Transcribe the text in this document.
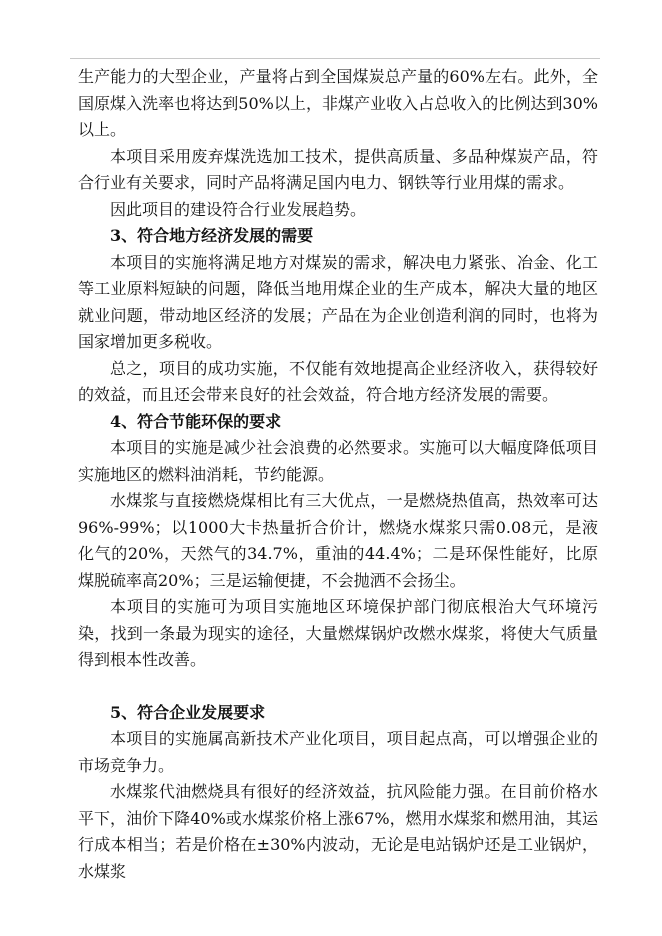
生产能力的大型企业，产量将占到全国煤炭总产量的60%左右。此外，全国原煤入洗率也将达到50%以上，非煤产业收入占总收入的比例达到30%以上。

本项目采用废弃煤洗选加工技术，提供高质量、多品种煤炭产品，符合行业有关要求，同时产品将满足国内电力、钢铁等行业用煤的需求。

因此项目的建设符合行业发展趋势。

3、符合地方经济发展的需要

本项目的实施将满足地方对煤炭的需求，解决电力紧张、冶金、化工等工业原料短缺的问题，降低当地用煤企业的生产成本，解决大量的地区就业问题，带动地区经济的发展；产品在为企业创造利润的同时，也将为国家增加更多税收。

总之，项目的成功实施，不仅能有效地提高企业经济收入，获得较好的效益，而且还会带来良好的社会效益，符合地方经济发展的需要。

4、符合节能环保的要求

本项目的实施是减少社会浪费的必然要求。实施可以大幅度降低项目实施地区的燃料油消耗，节约能源。

水煤浆与直接燃烧煤相比有三大优点，一是燃烧热值高，热效率可达96%-99%；以1000大卡热量折合价计，燃烧水煤浆只需0.08元，是液化气的20%，天然气的34.7%，重油的44.4%；二是环保性能好，比原煤脱硫率高20%；三是运输便捷，不会抛洒不会扬尘。

本项目的实施可为项目实施地区环境保护部门彻底根治大气环境污染，找到一条最为现实的途径，大量燃煤锅炉改燃水煤浆，将使大气质量得到根本性改善。

5、符合企业发展要求

本项目的实施属高新技术产业化项目，项目起点高，可以增强企业的市场竞争力。

水煤浆代油燃烧具有很好的经济效益，抗风险能力强。在目前价格水平下，油价下降40%或水煤浆价格上涨67%，燃用水煤浆和燃用油，其运行成本相当；若是价格在±30%内波动，无论是电站锅炉还是工业锅炉，水煤浆
